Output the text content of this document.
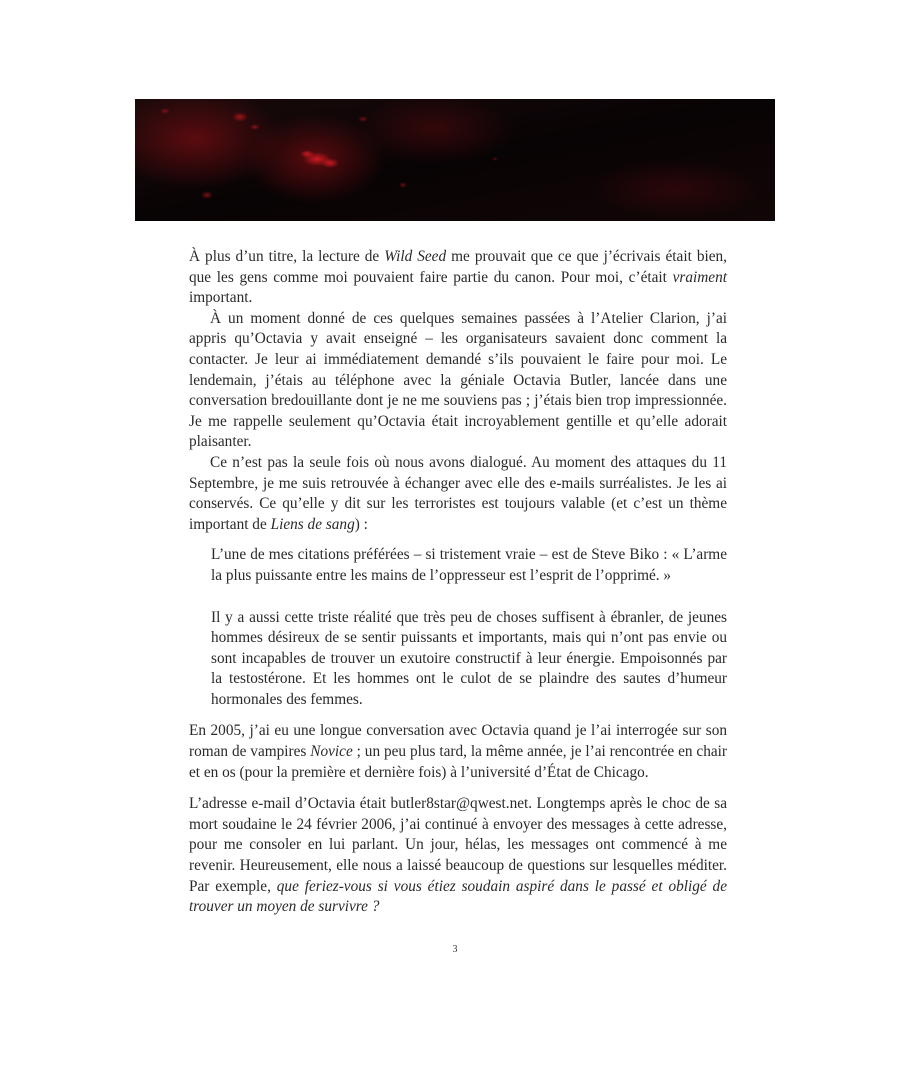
À plus d’un titre, la lecture de Wild Seed me prouvait que ce que j’écrivais était bien, que les gens comme moi pouvaient faire partie du canon. Pour moi, c’était vraiment important.

À un moment donné de ces quelques semaines passées à l’Atelier Clarion, j’ai appris qu’Octavia y avait enseigné – les organisateurs savaient donc comment la contacter. Je leur ai immédiatement demandé s’ils pouvaient le faire pour moi. Le lendemain, j’étais au téléphone avec la géniale Octavia Butler, lancée dans une conversation bredouillante dont je ne me souviens pas ; j’étais bien trop impressionnée. Je me rappelle seulement qu’Octavia était incroyablement gentille et qu’elle adorait plaisanter.

Ce n’est pas la seule fois où nous avons dialogué. Au moment des attaques du 11 Septembre, je me suis retrouvée à échanger avec elle des e-mails surréalistes. Je les ai conservés. Ce qu’elle y dit sur les terroristes est toujours valable (et c’est un thème important de Liens de sang) :

L’une de mes citations préférées – si tristement vraie – est de Steve Biko : « L’arme la plus puissante entre les mains de l’oppresseur est l’esprit de l’opprimé. »

Il y a aussi cette triste réalité que très peu de choses suffisent à ébranler, de jeunes hommes désireux de se sentir puissants et importants, mais qui n’ont pas envie ou sont incapables de trouver un exutoire constructif à leur énergie. Empoisonnés par la testostérone. Et les hommes ont le culot de se plaindre des sautes d’humeur hormonales des femmes.

En 2005, j’ai eu une longue conversation avec Octavia quand je l’ai interrogée sur son roman de vampires Novice ; un peu plus tard, la même année, je l’ai rencontrée en chair et en os (pour la première et dernière fois) à l’université d’État de Chicago.

L’adresse e-mail d’Octavia était butler8star@qwest.net. Longtemps après le choc de sa mort soudaine le 24 février 2006, j’ai continué à envoyer des messages à cette adresse, pour me consoler en lui parlant. Un jour, hélas, les messages ont commencé à me revenir. Heureusement, elle nous a laissé beaucoup de questions sur lesquelles méditer. Par exemple, que feriez-vous si vous étiez soudain aspiré dans le passé et obligé de trouver un moyen de survivre ?

3
